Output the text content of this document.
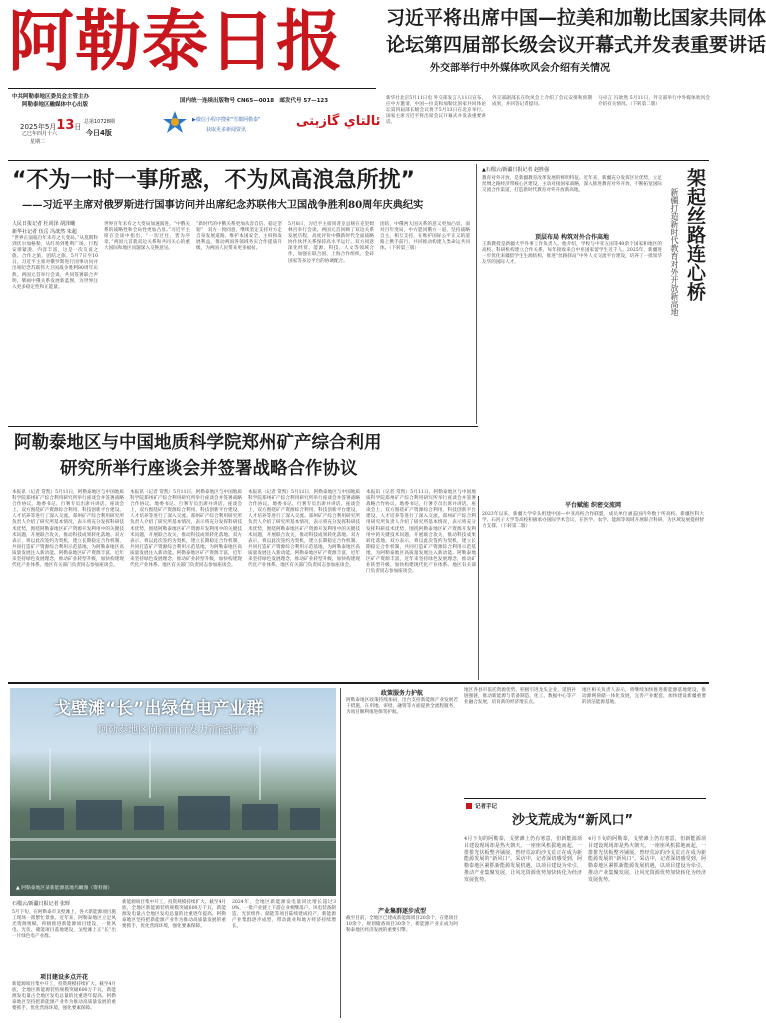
阿勒泰日报	习近平将出席中国—拉美和加勒比国家共同体
论坛第四届部长级会议开幕式并发表重要讲话
外交部举行中外媒体吹风会介绍有关情况
新华社北京5月11日电 外交部发言人11日宣布，应中方邀请，中国—拉美和加勒比国家共同体论坛第四届部长级会议将于5月13日在北京举行。国家主席习近平将出席会议开幕式并发表重要讲话。
外交部副部长在吹风会上介绍了会议安排和预期成果，并回答记者提问。
马卓言 冯歆然 5月11日，外交部举行中外媒体吹风会介绍有关情况。（下转第二版）
中共阿勒泰地区委员会主管主办
阿勒泰地区融媒体中心出版
国内统一连续出版物号 CN65—0018　邮发代号 57—123
2025年5月13日
乙巳年四月十六
星期二
总第10728期
今日4版
▶微信小程序搜索"雪都阿勒泰"
获取更多新闻资讯
ئالتاي گازېتى
“不为一时一事所惑，不为风高浪急所扰”
——习近平主席对俄罗斯进行国事访问并出席纪念苏联伟大卫国战争胜利80周年庆典纪实
人民日报记者 杜尚泽 胡泽曦
新华社记者 伍岳 冯歆然 朱超
“世界正面临百年未有之大变局。”从莫斯科到伏尔加格勒，从红场到胜利广场，行程安排紧凑、内容丰富，这是一次友谊之旅、合作之旅、团结之旅。5月7日至10日，习近平主席对俄罗斯进行国事访问并出席纪念苏联伟大卫国战争胜利80周年庆典。两国元首举行会谈，共同签署联合声明，擘画中俄关系发展新蓝图，为世界注入更多稳定性和正能量。
世界百年未有之大变局加速演进。“中俄关系的战略性和全局性更加凸显。”习近平主席在会谈中指出。“一切过往，皆为序章。”两国元首就双边关系和共同关心的重大国际和地区问题深入交换意见。
“新时代的中俄关系更加从容自信、稳定坚韧”　双方一致同意，继续坚定支持对方走自身发展道路，维护本国安全、主权和发展利益，推动两国各领域务实合作提质升级，为两国人民带来更多福祉。
5月8日，习近平主席同普京总统在克里姆林宫举行会谈。两国元首回顾了双边关系发展历程，高度评价中俄新时代全面战略协作伙伴关系保持高水平运行。双方同意深化经贸、能源、科技、人文等领域合作，加强在联合国、上海合作组织、金砖国家等多边平台的协调配合。
团结，中俄两大国关系的意义更加凸显。面对百年变局，中方愿同俄方一道，坚持战略自主，相互支持，在维护国际公平正义的道路上携手前行，共同推动构建人类命运共同体。（下转第三版）
▲石榴云/新疆日报记者 赵胜强	架起丝路连心桥
新疆打造新时代教育对外开放新高地
教育对外开放，是新疆教育改革发展的鲜明特征。近年来，新疆充分发挥区位优势，立足丝绸之路经济带核心区建设，主动对接国家战略，深入推进教育对外开放，不断拓宽国际交流合作渠道，打造新时代教育对外开放新高地。
顶层布局 构筑对外合作高地
王新教授是新疆大学外事工作负责人。他介绍，学校与中亚五国等40余个国家和地区的高校、科研机构建立合作关系，每年接收来自中亚国家留学生近千人。2025年，新疆进一步优化来疆留学生生源结构，推进“丝路驿站”中外人文交流平台建设，培养了一批知华友华的国际人才。
平台赋能 织密交流网
2023年以来，新疆大学牵头组建中国—中亚高校合作联盟，成员单位涵盖国内外数十所高校。新疆医科大学、石河子大学等高校积极承办国际学术会议，在医学、农学、能源等领域开展联合科研，为区域发展提供智力支撑。（下转第二版）
阿勒泰地区与中国地质科学院郑州矿产综合利用
研究所举行座谈会并签署战略合作协议
本报讯（记者 常凯）5月11日，阿勒泰地区与中国地质科学院郑州矿产综合利用研究所举行座谈会并签署战略合作协议。地委书记、行署专员出席并讲话。座谈会上，双方围绕矿产资源综合利用、科技创新平台建设、人才培养等进行了深入交流。郑州矿产综合利用研究所负责人介绍了研究所基本情况，表示将充分发挥科研技术优势，围绕阿勒泰地区矿产资源开发利用中的关键技术问题，开展联合攻关，推动科技成果转化落地。双方表示，将以此次签约为契机，建立长期稳定合作机制，共同打造矿产资源综合利用示范基地，为阿勒泰地区高质量发展注入新动能。阿勒泰地区矿产资源丰富，近年来坚持绿色发展理念，推动矿业转型升级，加快构建现代化产业体系。地区有关部门负责同志参加座谈会。
本报讯（记者 常凯）5月11日，阿勒泰地区与中国地质科学院郑州矿产综合利用研究所举行座谈会并签署战略合作协议。地委书记、行署专员出席并讲话。座谈会上，双方围绕矿产资源综合利用、科技创新平台建设、人才培养等进行了深入交流。郑州矿产综合利用研究所负责人介绍了研究所基本情况，表示将充分发挥科研技术优势，围绕阿勒泰地区矿产资源开发利用中的关键技术问题，开展联合攻关，推动科技成果转化落地。双方表示，将以此次签约为契机，建立长期稳定合作机制，共同打造矿产资源综合利用示范基地，为阿勒泰地区高质量发展注入新动能。阿勒泰地区矿产资源丰富，近年来坚持绿色发展理念，推动矿业转型升级，加快构建现代化产业体系。地区有关部门负责同志参加座谈会。
本报讯（记者 常凯）5月11日，阿勒泰地区与中国地质科学院郑州矿产综合利用研究所举行座谈会并签署战略合作协议。地委书记、行署专员出席并讲话。座谈会上，双方围绕矿产资源综合利用、科技创新平台建设、人才培养等进行了深入交流。郑州矿产综合利用研究所负责人介绍了研究所基本情况，表示将充分发挥科研技术优势，围绕阿勒泰地区矿产资源开发利用中的关键技术问题，开展联合攻关，推动科技成果转化落地。双方表示，将以此次签约为契机，建立长期稳定合作机制，共同打造矿产资源综合利用示范基地，为阿勒泰地区高质量发展注入新动能。阿勒泰地区矿产资源丰富，近年来坚持绿色发展理念，推动矿业转型升级，加快构建现代化产业体系。地区有关部门负责同志参加座谈会。
本报讯（记者 常凯）5月11日，阿勒泰地区与中国地质科学院郑州矿产综合利用研究所举行座谈会并签署战略合作协议。地委书记、行署专员出席并讲话。座谈会上，双方围绕矿产资源综合利用、科技创新平台建设、人才培养等进行了深入交流。郑州矿产综合利用研究所负责人介绍了研究所基本情况，表示将充分发挥科研技术优势，围绕阿勒泰地区矿产资源开发利用中的关键技术问题，开展联合攻关，推动科技成果转化落地。双方表示，将以此次签约为契机，建立长期稳定合作机制，共同打造矿产资源综合利用示范基地，为阿勒泰地区高质量发展注入新动能。阿勒泰地区矿产资源丰富，近年来坚持绿色发展理念，推动矿业转型升级，加快构建现代化产业体系。地区有关部门负责同志参加座谈会。
戈壁滩“长”出绿色电产业群
阿勒泰地区向新而行发力新能源产业
▲ 阿勒泰地区某新能源基地鸟瞰图（资料图）
石榴云/新疆日报记者 张晖
5月下旬，在阿勒泰市戈壁滩上，各大新能源项目施工现场一派繁忙景象。近年来，阿勒泰地区立足风光资源禀赋，积极推进新能源项目建设，一批风电、光伏、储能项目落地建设，戈壁滩上正“长”出一片绿色电产业群。
项目建设多点开花
新能源项目集中开工，投资规模持续扩大。截至4月底，全地区新能源装机规模突破600万千瓦，新能源发电量占全地区发电总量的比重逐年提高。阿勒泰地区坚持把新能源产业作为推动高质量发展的重要抓手，优化营商环境，强化要素保障。
新能源项目集中开工，投资规模持续扩大。截至4月底，全地区新能源装机规模突破600万千瓦，新能源发电量占全地区发电总量的比重逐年提高。阿勒泰地区坚持把新能源产业作为推动高质量发展的重要抓手，优化营商环境，强化要素保障。
2024年，全地区新能源发电量同比增长超过30%，一批产业链上下游企业相继落户。风电装备制造、光伏组件、储能等项目陆续建成投产，新能源产业集群逐步成型，带动就业和地方经济持续增长。
政策服务力护航
阿勒泰地区政策持续加码，出台支持新能源产业发展若干措施，在用地、审批、融资等方面提供全流程服务，为项目顺利推进保驾护航。
产业集群逐步成型
截至目前，全地区已建成新能源项目20余个，在建项目10余个，规划储备项目30余个，新能源产业正成为阿勒泰地区经济发展的重要引擎。
地区各县市依托资源优势，积极引进龙头企业，延链补链强链，推动新能源与装备制造、化工、数据中心等产业融合发展，培育新的经济增长点。
地区相关负责人表示，将继续加快推进新能源基地建设，推动源网荷储一体化发展，完善产业配套，加快建设新疆重要的清洁能源基地。
记者手记
沙戈荒成为“新风口”
4月下旬的阿勒泰，戈壁滩上仍有寒意，但新能源项目建设现场却是热火朝天。一座座风机拔地而起，一排排光伏板整齐铺展，曾经荒凉的沙戈荒正在成为新能源发展的“新风口”。采访中，记者深切感受到，阿勒泰地区紧抓新能源发展机遇，以项目建设为牵引，推动产业集聚发展，让风光资源优势加快转化为经济发展优势。
4月下旬的阿勒泰，戈壁滩上仍有寒意，但新能源项目建设现场却是热火朝天。一座座风机拔地而起，一排排光伏板整齐铺展，曾经荒凉的沙戈荒正在成为新能源发展的“新风口”。采访中，记者深切感受到，阿勒泰地区紧抓新能源发展机遇，以项目建设为牵引，推动产业集聚发展，让风光资源优势加快转化为经济发展优势。
